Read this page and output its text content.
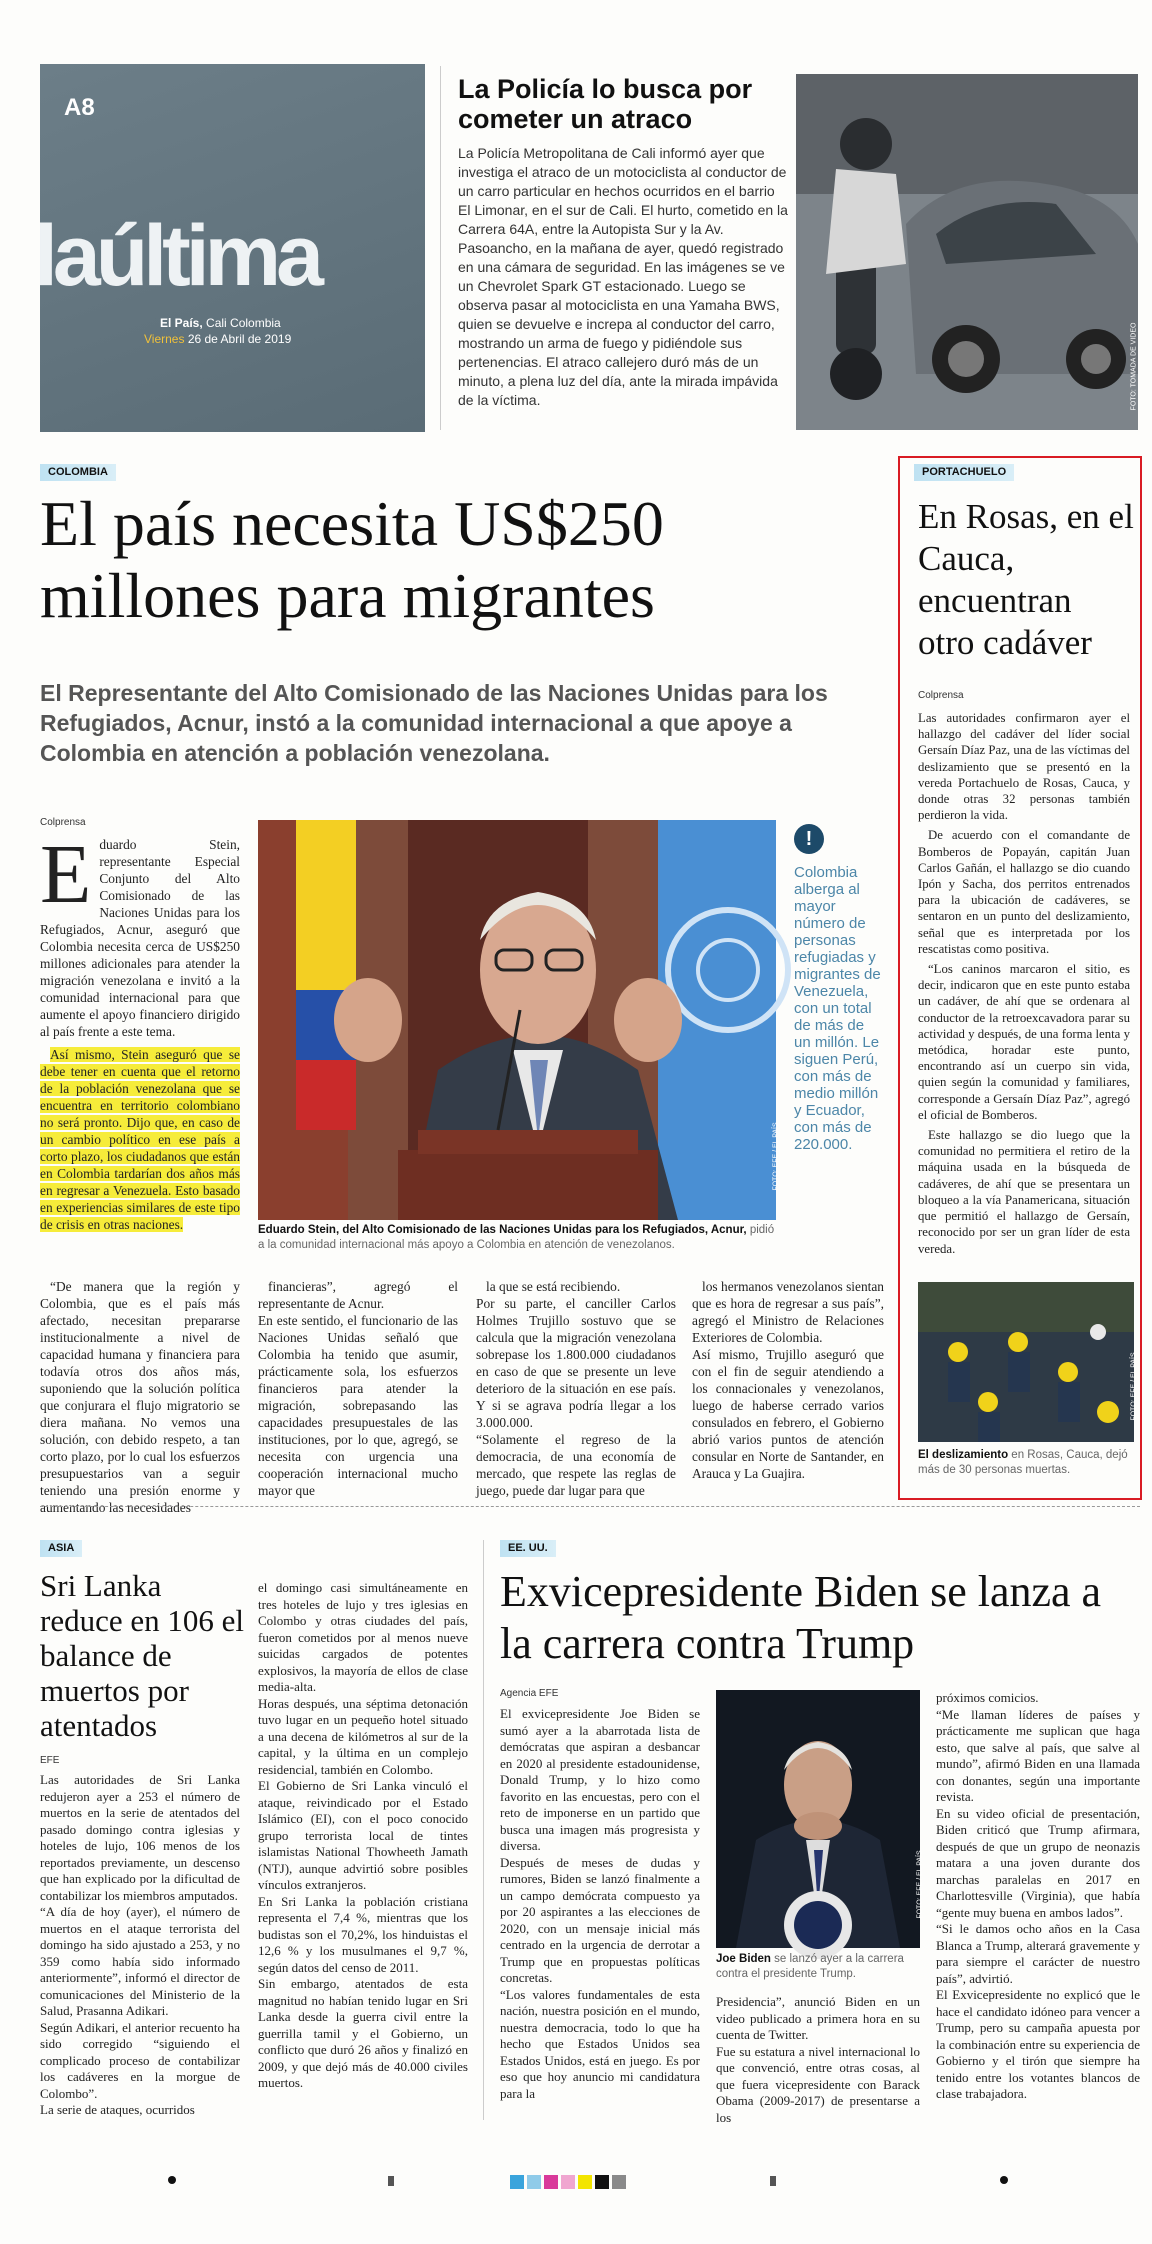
A8
laúltima
El País, Cali Colombia
Viernes 26 de Abril de 2019
La Policía lo busca por cometer un atraco
La Policía Metropolitana de Cali informó ayer que investiga el atraco de un motociclista al conductor de un carro particular en hechos ocurridos en el barrio El Limonar, en el sur de Cali. El hurto, cometido en la Carrera 64A, entre la Autopista Sur y la Av. Pasoancho, en la mañana de ayer, quedó registrado en una cámara de seguridad. En las imágenes se ve un Chevrolet Spark GT estacionado. Luego se observa pasar al motociclista en una Yamaha BWS, quien se devuelve e increpa al conductor del carro, mostrando un arma de fuego y pidiéndole sus pertenencias. El atraco callejero duró más de un minuto, a plena luz del día, ante la mirada impávida de la víctima.	FOTO: TOMADA DE VIDEO
COLOMBIA
El país necesita US$250 millones para migrantes
El Representante del Alto Comisionado de las Naciones Unidas para los Refugiados, Acnur, instó a la comunidad internacional a que apoye a Colombia en atención a población venezolana.
Colprensa
E duardo Stein, representante Especial Conjunto del Alto Comisionado de las Naciones Unidas para los Refugiados, Acnur, aseguró que Colombia necesita cerca de US$250 millones adicionales para atender la migración venezolana e invitó a la comunidad internacional para que aumente el apoyo financiero dirigido al país frente a este tema.

Así mismo, Stein aseguró que se debe tener en cuenta que el retorno de la población venezolana que se encuentra en territorio colombiano no será pronto. Dijo que, en caso de un cambio político en ese país a corto plazo, los ciudadanos que están en Colombia tardarían dos años más en regresar a Venezuela. Esto basado en experiencias similares de este tipo de crisis en otras naciones.

FOTO: EFE / EL PAÍS
Eduardo Stein, del Alto Comisionado de las Naciones Unidas para los Refugiados, Acnur, pidió a la comunidad internacional más apoyo a Colombia en atención de venezolanos.
!
Colombia alberga al mayor número de personas refugiadas y migrantes de Venezuela, con un total de más de un millón. Le siguen Perú, con más de medio millón y Ecuador, con más de 220.000.

“De manera que la región y Colombia, que es el país más afectado, necesitan prepararse institucionalmente a nivel de capacidad humana y financiera para todavía otros dos años más, suponiendo que la solución política que conjurara el flujo migratorio se diera mañana. No vemos una solución, con debido respeto, a tan corto plazo, por lo cual los esfuerzos presupuestarios van a seguir teniendo una presión enorme y aumentando las necesidades

financieras”, agregó el representante de Acnur.
En este sentido, el funcionario de las Naciones Unidas señaló que Colombia ha tenido que asumir, prácticamente sola, los esfuerzos financieros para atender la migración, sobrepasando las capacidades presupuestales de las instituciones, por lo que, agregó, se necesita con urgencia una cooperación internacional mucho mayor que
la que se está recibiendo.
Por su parte, el canciller Carlos Holmes Trujillo sostuvo que se calcula que la migración venezolana sobrepase los 1.800.000 ciudadanos en caso de que se presente un leve deterioro de la situación en ese país. Y si se agrava podría llegar a los 3.000.000.
“Solamente el regreso de la democracia, de una economía de mercado, que respete las reglas de juego, puede dar lugar para que
los hermanos venezolanos sientan que es hora de regresar a sus país”, agregó el Ministro de Relaciones Exteriores de Colombia.
Así mismo, Trujillo aseguró que con el fin de seguir atendiendo a los connacionales y venezolanos, luego de haberse cerrado varios consulados en febrero, el Gobierno abrió varios puntos de atención consular en Norte de Santander, en Arauca y La Guajira.
PORTACHUELO
En Rosas, en el Cauca, encuentran otro cadáver
Colprensa

Las autoridades confirmaron ayer el hallazgo del cadáver del líder social Gersaín Díaz Paz, una de las víctimas del deslizamiento que se presentó en la vereda Portachuelo de Rosas, Cauca, y donde otras 32 personas también perdieron la vida.

De acuerdo con el comandante de Bomberos de Popayán, capitán Juan Carlos Gañán, el hallazgo se dio cuando Ipón y Sacha, dos perritos entrenados para la ubicación de cadáveres, se sentaron en un punto del deslizamiento, señal que es interpretada por los rescatistas como positiva.

“Los caninos marcaron el sitio, es decir, indicaron que en este punto estaba un cadáver, de ahí que se ordenara al conductor de la retroexcavadora parar su actividad y después, de una forma lenta y metódica, horadar este punto, encontrando así un cuerpo sin vida, quien según la comunidad y familiares, corresponde a Gersaín Díaz Paz”, agregó el oficial de Bomberos.

Este hallazgo se dio luego que la comunidad no permitiera el retiro de la máquina usada en la búsqueda de cadáveres, de ahí que se presentara un bloqueo a la vía Panamericana, situación que permitió el hallazgo de Gersaín, reconocido por ser un gran líder de esta vereda.

FOTO: EFE / EL PAÍS
El deslizamiento en Rosas, Cauca, dejó más de 30 personas muertas.
ASIA
Sri Lanka reduce en 106 el balance de muertos por atentados
EFE
Las autoridades de Sri Lanka redujeron ayer a 253 el número de muertos en la serie de atentados del pasado domingo contra iglesias y hoteles de lujo, 106 menos de los reportados previamente, un descenso que han explicado por la dificultad de contabilizar los miembros amputados.
“A día de hoy (ayer), el número de muertos en el ataque terrorista del domingo ha sido ajustado a 253, y no 359 como había sido informado anteriormente”, informó el director de comunicaciones del Ministerio de la Salud, Prasanna Adikari.
Según Adikari, el anterior recuento ha sido corregido “siguiendo el complicado proceso de contabilizar los cadáveres en la morgue de Colombo”.
La serie de ataques, ocurridos
el domingo casi simultáneamente en tres hoteles de lujo y tres iglesias en Colombo y otras ciudades del país, fueron cometidos por al menos nueve suicidas cargados de potentes explosivos, la mayoría de ellos de clase media-alta.
Horas después, una séptima detonación tuvo lugar en un pequeño hotel situado a una decena de kilómetros al sur de la capital, y la última en un complejo residencial, también en Colombo.
El Gobierno de Sri Lanka vinculó el ataque, reivindicado por el Estado Islámico (EI), con el poco conocido grupo terrorista local de tintes islamistas National Thowheeth Jamath (NTJ), aunque advirtió sobre posibles vínculos extranjeros.
En Sri Lanka la población cristiana representa el 7,4 %, mientras que los budistas son el 70,2%, los hinduistas el 12,6 % y los musulmanes el 9,7 %, según datos del censo de 2011.
Sin embargo, atentados de esta magnitud no habían tenido lugar en Sri Lanka desde la guerra civil entre la guerrilla tamil y el Gobierno, un conflicto que duró 26 años y finalizó en 2009, y que dejó más de 40.000 civiles muertos.
EE. UU.
Exvicepresidente Biden se lanza a la carrera contra Trump
Agencia EFE
El exvicepresidente Joe Biden se sumó ayer a la abarrotada lista de demócratas que aspiran a desbancar en 2020 al presidente estadounidense, Donald Trump, y lo hizo como favorito en las encuestas, pero con el reto de imponerse en un partido que busca una imagen más progresista y diversa.
Después de meses de dudas y rumores, Biden se lanzó finalmente a un campo demócrata compuesto ya por 20 aspirantes a las elecciones de 2020, con un mensaje inicial más centrado en la urgencia de derrotar a Trump que en propuestas políticas concretas.
“Los valores fundamentales de esta nación, nuestra posición en el mundo, nuestra democracia, todo lo que ha hecho que Estados Unidos sea Estados Unidos, está en juego. Es por eso que hoy anuncio mi candidatura para la
FOTO: EFE / EL PAÍS
Joe Biden se lanzó ayer a la carrera contra el presidente Trump.
Presidencia”, anunció Biden en un video publicado a primera hora en su cuenta de Twitter.
Fue su estatura a nivel internacional lo que convenció, entre otras cosas, al que fuera vicepresidente con Barack Obama (2009-2017) de presentarse a los
próximos comicios.
“Me llaman líderes de países y prácticamente me suplican que haga esto, que salve al país, que salve al mundo”, afirmó Biden en una llamada con donantes, según una importante revista.
En su video oficial de presentación, Biden criticó que Trump afirmara, después de que un grupo de neonazis matara a una joven durante dos marchas paralelas en 2017 en Charlottesville (Virginia), que había “gente muy buena en ambos lados”.
“Si le damos ocho años en la Casa Blanca a Trump, alterará gravemente y para siempre el carácter de nuestro país”, advirtió.
El Exvicepresidente no explicó que le hace el candidato idóneo para vencer a Trump, pero su campaña apuesta por la combinación entre su experiencia de Gobierno y el tirón que siempre ha tenido entre los votantes blancos de clase trabajadora.
